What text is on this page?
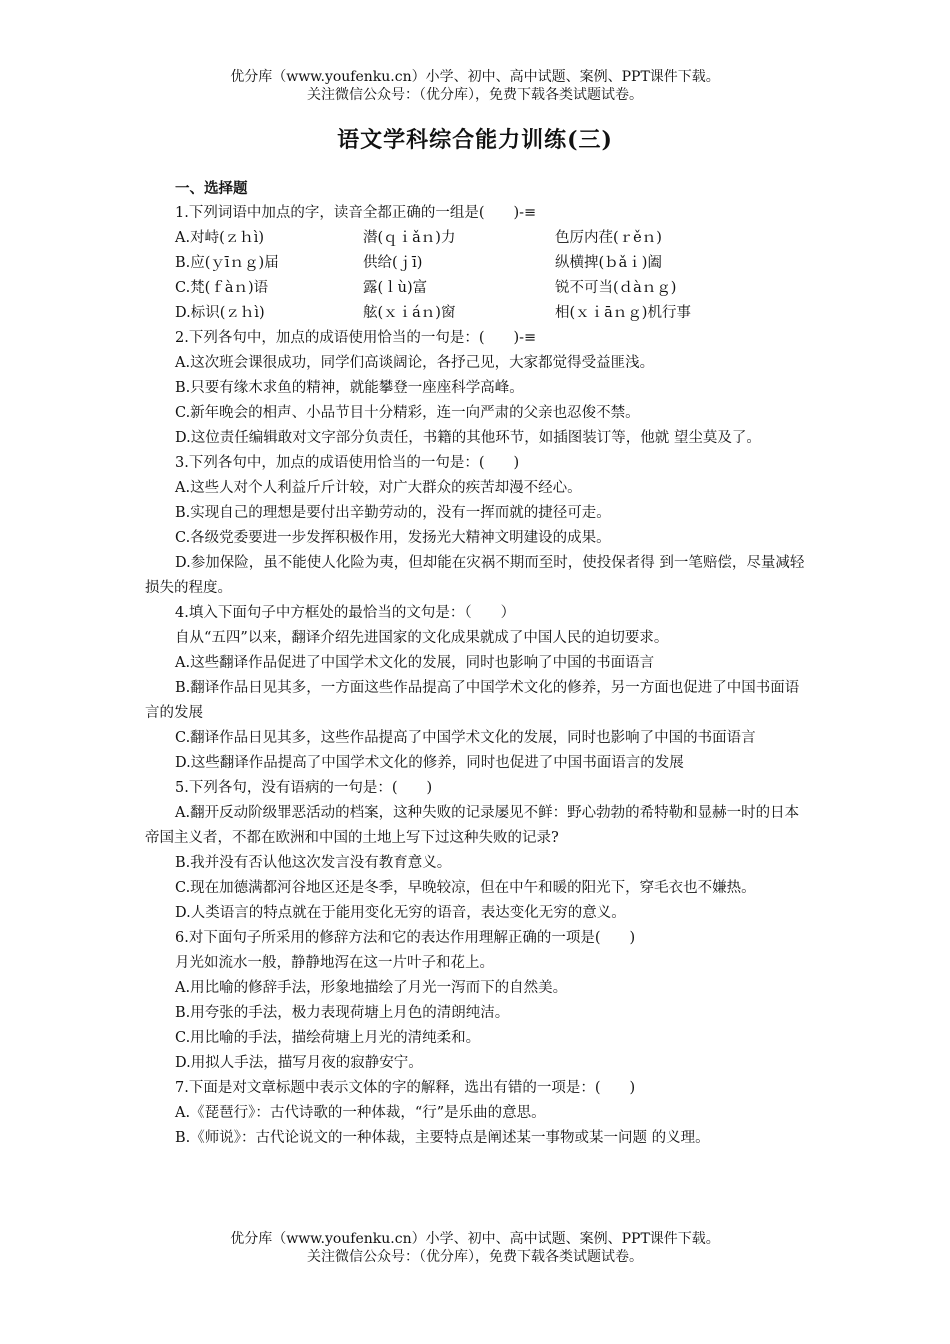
优分库（www.youfenku.cn）小学、初中、高中试题、案例、PPT课件下载。
关注微信公众号：（优分库），免费下载各类试题试卷。
语文学科综合能力训练(三)

一、选择题

1.下列词语中加点的字，读音全都正确的一组是(　　)-≡

A.对峙(ｚｈì)	潜(ｑｉǎｎ)力	色厉内荏(ｒěｎ)
B.应(ｙīｎｇ)届	供给(ｊī)	纵横捭(ｂǎｉ)阖
C.梵(ｆàｎ)语	露(ｌù)富	锐不可当(ｄàｎｇ)
D.标识(ｚｈì)	舷(ｘｉáｎ)窗	相(ｘｉāｎｇ)机行事

2.下列各句中，加点的成语使用恰当的一句是：(　　)-≡

A.这次班会课很成功，同学们高谈阔论，各抒己见，大家都觉得受益匪浅。

B.只要有缘木求鱼的精神，就能攀登一座座科学高峰。

C.新年晚会的相声、小品节目十分精彩，连一向严肃的父亲也忍俊不禁。

D.这位责任编辑敢对文字部分负责任，书籍的其他环节，如插图装订等，他就 望尘莫及了。

3.下列各句中，加点的成语使用恰当的一句是：(　　)

A.这些人对个人利益斤斤计较，对广大群众的疾苦却漫不经心。

B.实现自己的理想是要付出辛勤劳动的，没有一挥而就的捷径可走。

C.各级党委要进一步发挥积极作用，发扬光大精神文明建设的成果。

D.参加保险，虽不能使人化险为夷，但却能在灾祸不期而至时，使投保者得 到一笔赔偿，尽量减轻损失的程度。

4.填入下面句子中方框处的最恰当的文句是：（　　）

自从“五四”以来，翻译介绍先进国家的文化成果就成了中国人民的迫切要求。

A.这些翻译作品促进了中国学术文化的发展，同时也影响了中国的书面语言

B.翻译作品日见其多，一方面这些作品提高了中国学术文化的修养，另一方面也促进了中国书面语言的发展

C.翻译作品日见其多，这些作品提高了中国学术文化的发展，同时也影响了中国的书面语言

D.这些翻译作品提高了中国学术文化的修养，同时也促进了中国书面语言的发展

5.下列各句，没有语病的一句是：(　　)

A.翻开反动阶级罪恶活动的档案，这种失败的记录屡见不鲜：野心勃勃的希特勒和显赫一时的日本帝国主义者，不都在欧洲和中国的土地上写下过这种失败的记录?

B.我并没有否认他这次发言没有教育意义。

C.现在加德满都河谷地区还是冬季，早晚较凉，但在中午和暖的阳光下，穿毛衣也不嫌热。

D.人类语言的特点就在于能用变化无穷的语音，表达变化无穷的意义。

6.对下面句子所采用的修辞方法和它的表达作用理解正确的一项是(　　)

月光如流水一般，静静地泻在这一片叶子和花上。

A.用比喻的修辞手法，形象地描绘了月光一泻而下的自然美。

B.用夸张的手法，极力表现荷塘上月色的清朗纯洁。

C.用比喻的手法，描绘荷塘上月光的清纯柔和。

D.用拟人手法，描写月夜的寂静安宁。

7.下面是对文章标题中表示文体的字的解释，选出有错的一项是：(　　)

A.《琵琶行》：古代诗歌的一种体裁，“行”是乐曲的意思。

B.《师说》：古代论说文的一种体裁，主要特点是阐述某一事物或某一问题 的义理。

优分库（www.youfenku.cn）小学、初中、高中试题、案例、PPT课件下载。
关注微信公众号：（优分库），免费下载各类试题试卷。
